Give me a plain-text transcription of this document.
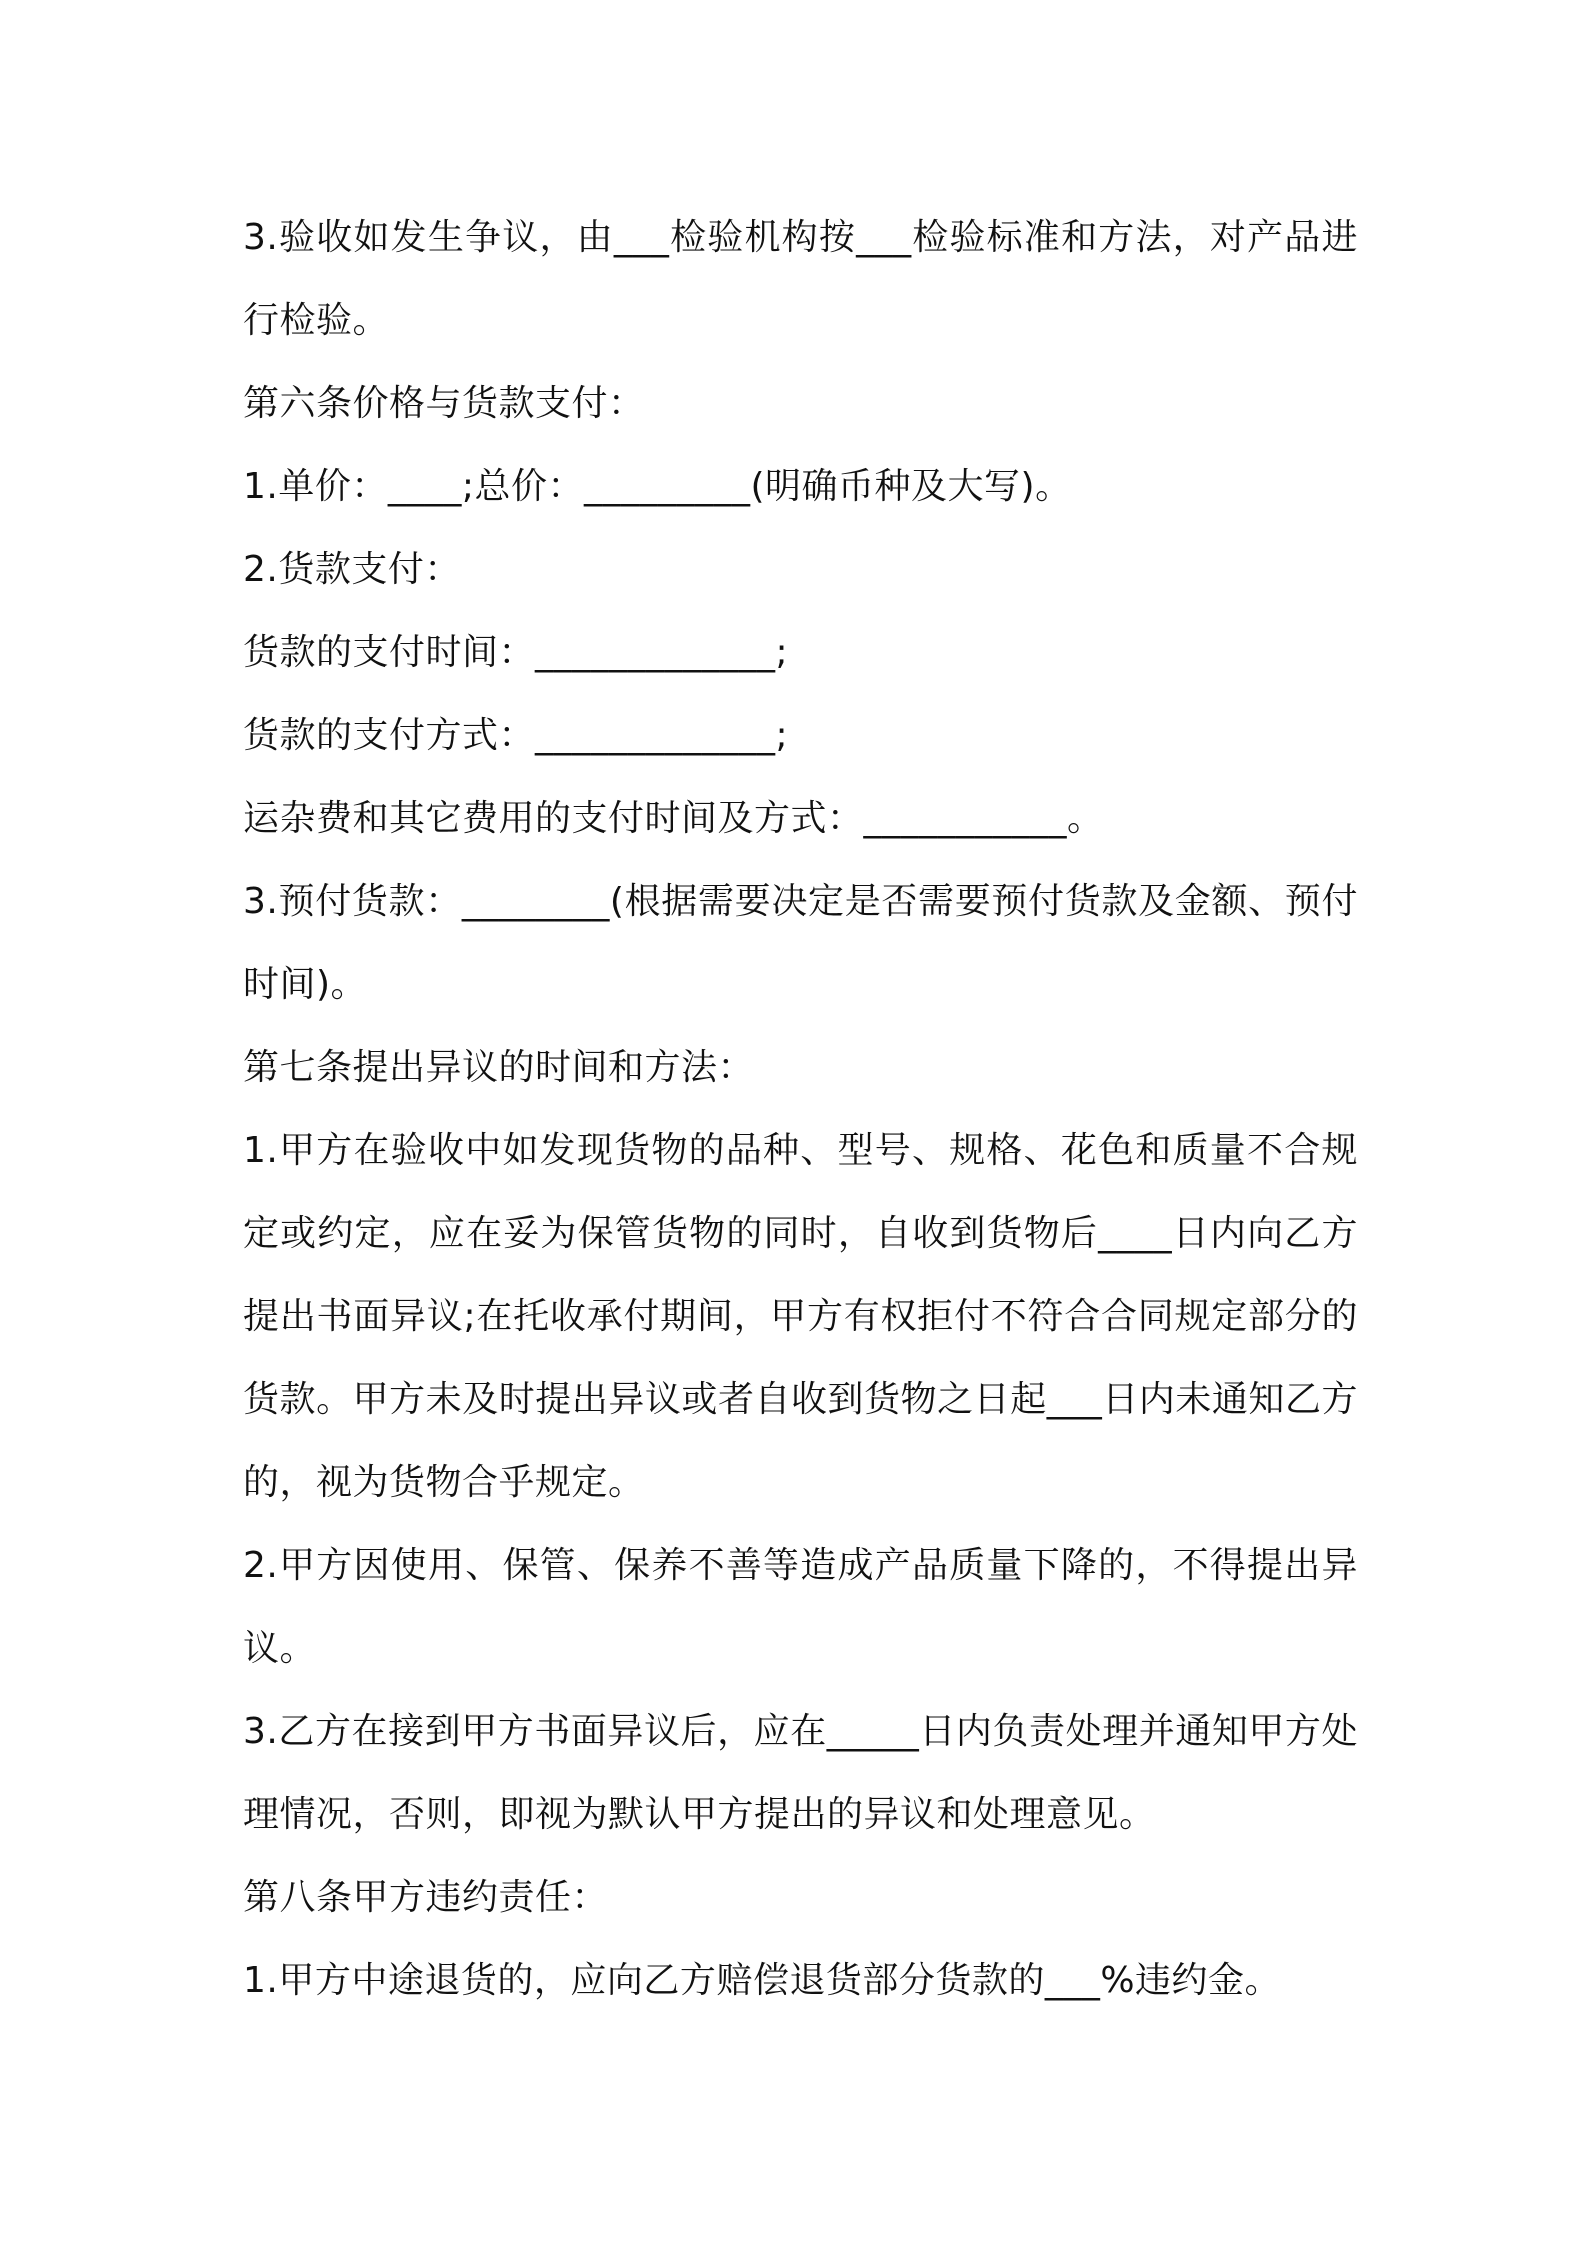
3.验收如发生争议，由___检验机构按___检验标准和方法，对产品进行检验。

第六条价格与货款支付：

1.单价：____;总价：_________(明确币种及大写)。

2.货款支付：

货款的支付时间：_____________;

货款的支付方式：_____________;

运杂费和其它费用的支付时间及方式：___________。

3.预付货款：________(根据需要决定是否需要预付货款及金额、预付时间)。

第七条提出异议的时间和方法：

1.甲方在验收中如发现货物的品种、型号、规格、花色和质量不合规定或约定，应在妥为保管货物的同时，自收到货物后____日内向乙方提出书面异议;在托收承付期间，甲方有权拒付不符合合同规定部分的货款。甲方未及时提出异议或者自收到货物之日起___日内未通知乙方的，视为货物合乎规定。

2.甲方因使用、保管、保养不善等造成产品质量下降的，不得提出异议。

3.乙方在接到甲方书面异议后，应在_____日内负责处理并通知甲方处理情况，否则，即视为默认甲方提出的异议和处理意见。

第八条甲方违约责任：

1.甲方中途退货的，应向乙方赔偿退货部分货款的___%违约金。
